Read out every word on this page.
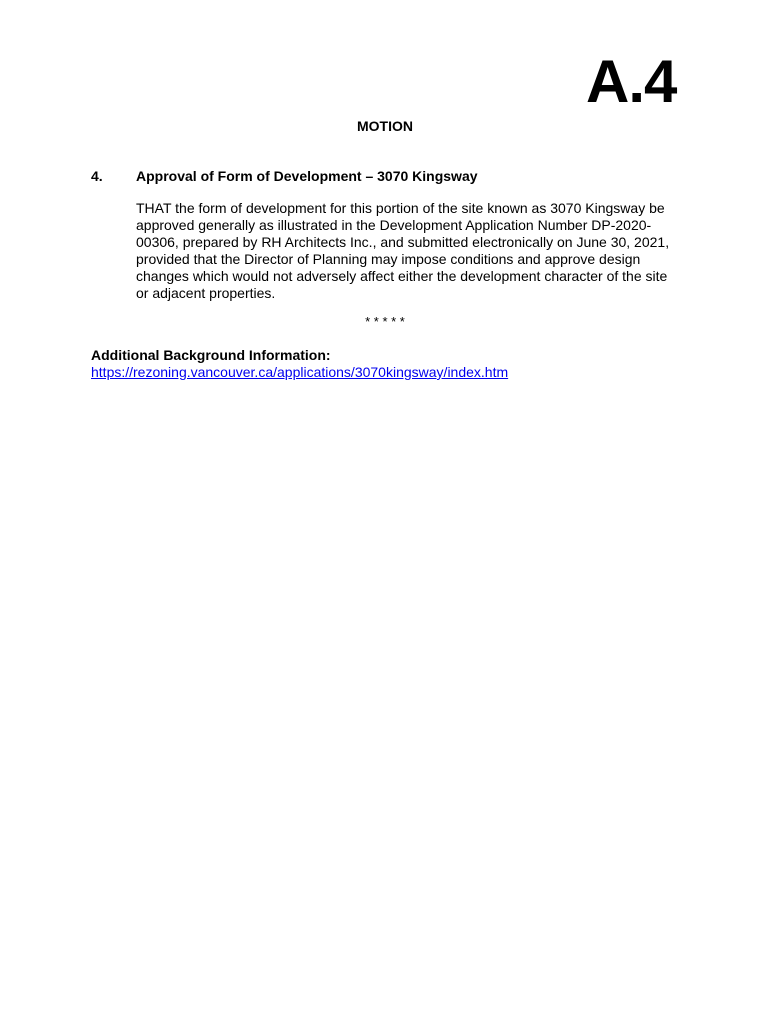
A.4
MOTION
4. Approval of Form of Development – 3070 Kingsway

THAT the form of development for this portion of the site known as 3070 Kingsway be approved generally as illustrated in the Development Application Number DP-2020-00306, prepared by RH Architects Inc., and submitted electronically on June 30, 2021, provided that the Director of Planning may impose conditions and approve design changes which would not adversely affect either the development character of the site or adjacent properties.

* * * * *
Additional Background Information:
https://rezoning.vancouver.ca/applications/3070kingsway/index.htm
